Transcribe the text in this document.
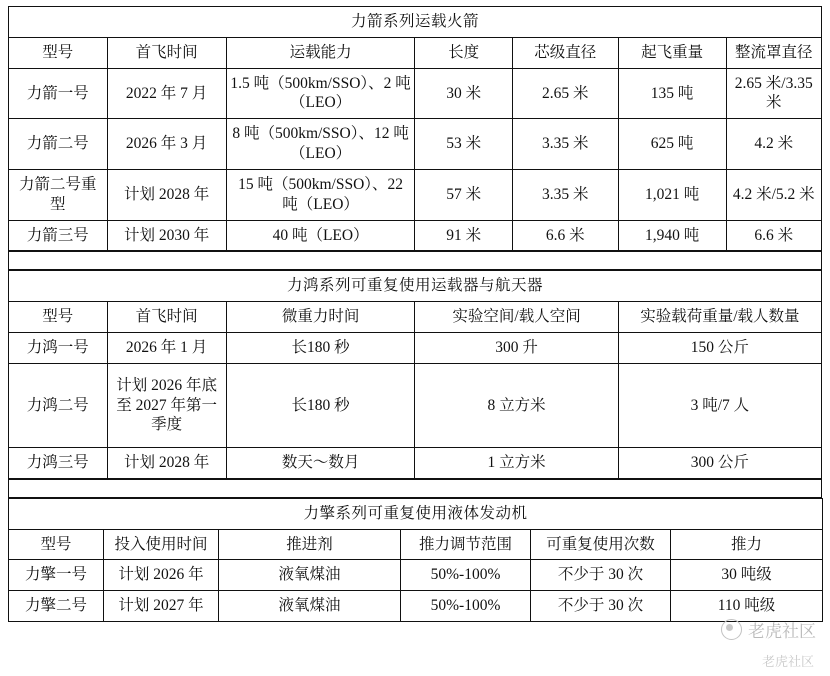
力箭系列运载火箭						
型号	首飞时间	运载能力	长度	芯级直径	起飞重量	整流罩直径
力箭一号	2022 年 7 月	1.5 吨（500km/SSO）、2 吨（LEO）	30 米	2.65 米	135 吨	2.65 米/3.35 米
力箭二号	2026 年 3 月	8 吨（500km/SSO）、12 吨（LEO）	53 米	3.35 米	625 吨	4.2 米
力箭二号重型	计划 2028 年	15 吨（500km/SSO）、22 吨（LEO）	57 米	3.35 米	1,021 吨	4.2 米/5.2 米
力箭三号	计划 2030 年	40 吨（LEO）	91 米	6.6 米	1,940 吨	6.6 米
力鸿系列可重复使用运载器与航天器				
型号	首飞时间	微重力时间	实验空间/载人空间	实验载荷重量/载人数量
力鸿一号	2026 年 1 月	长180 秒	300 升	150 公斤
力鸿二号	计划 2026 年底至 2027 年第一季度	长180 秒	8 立方米	3 吨/7 人
力鸿三号	计划 2028 年	数天～数月	1 立方米	300 公斤
力擎系列可重复使用液体发动机					
型号	投入使用时间	推进剂	推力调节范围	可重复使用次数	推力
力擎一号	计划 2026 年	液氧煤油	50%-100%	不少于 30 次	30 吨级
力擎二号	计划 2027 年	液氧煤油	50%-100%	不少于 30 次	110 吨级
老虎社区
老虎社区
